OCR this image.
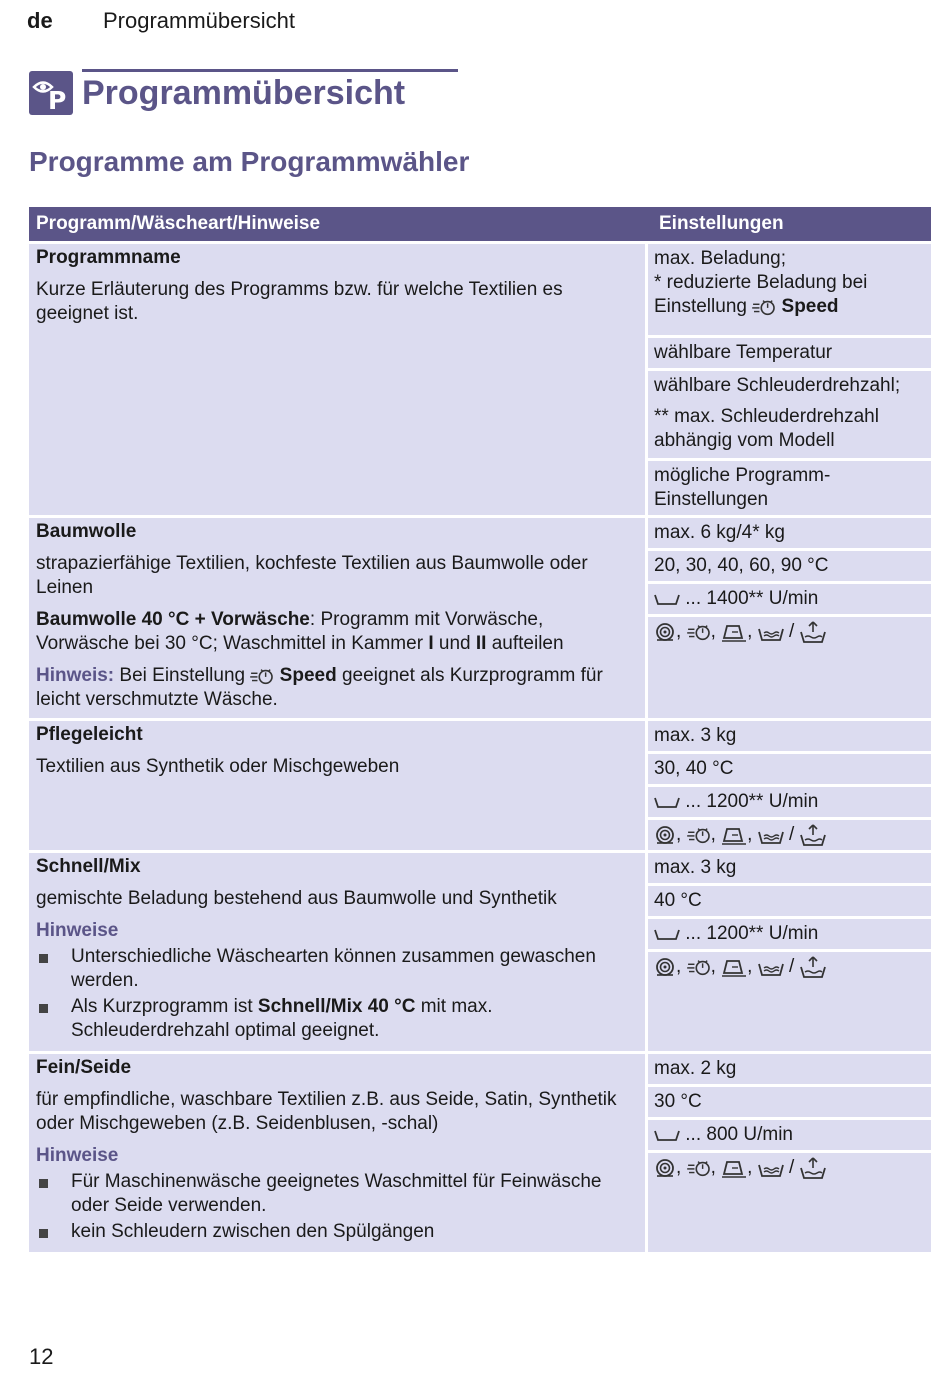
de Programmübersicht
P Programmübersicht
Programme am Programmwähler
Programm/Wäscheart/Hinweise	Einstellungen
Programmname

Kurze Erläuterung des Programms bzw. für welche Textilien es geeignet ist.

max. Beladung;
* reduzierte Beladung bei Einstellung Speed
wählbare Temperatur
wählbare Schleuderdrehzahl;
** max. Schleuderdrehzahl abhängig vom Modell
mögliche Programm-Einstellungen
Baumwolle

strapazierfähige Textilien, kochfeste Textilien aus Baumwolle oder Leinen

Baumwolle 40 °C + Vorwäsche: Programm mit Vorwäsche, Vorwäsche bei 30 °C; Waschmittel in Kammer I und II aufteilen

Hinweis: Bei Einstellung Speed geeignet als Kurzprogramm für leicht verschmutzte Wäsche.

max. 6 kg/4* kg
20, 30, 40, 60, 90 °C
... 1400** U/min
, , , /
Pflegeleicht

Textilien aus Synthetik oder Mischgeweben

max. 3 kg
30, 40 °C
... 1200** U/min
, , , /
Schnell/Mix

gemischte Beladung bestehend aus Baumwolle und Synthetik

Hinweise
Unterschiedliche Wäschearten können zusammen gewaschen werden.
Als Kurzprogramm ist Schnell/Mix 40 °C mit max. Schleuderdrehzahl optimal geeignet.
max. 3 kg
40 °C
... 1200** U/min
, , , /
Fein/Seide

für empfindliche, waschbare Textilien z.B. aus Seide, Satin, Synthetik oder Mischgeweben (z.B. Seidenblusen, -schal)

Hinweise
Für Maschinenwäsche geeignetes Waschmittel für Feinwäsche oder Seide verwenden.
kein Schleudern zwischen den Spülgängen
max. 2 kg
30 °C
... 800 U/min
, , , /
12
